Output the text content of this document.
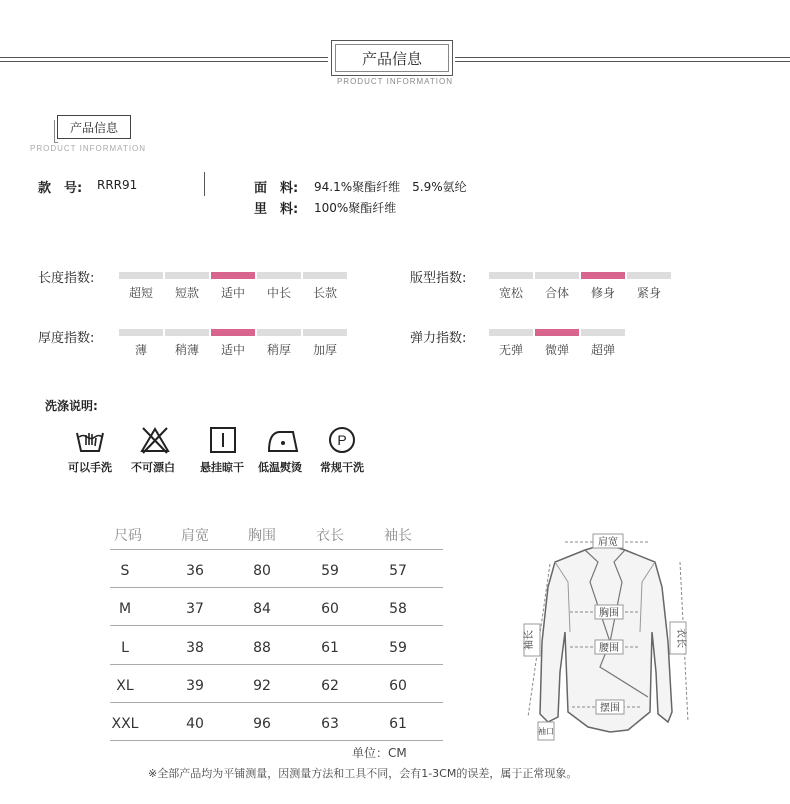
产品信息
PRODUCT INFORMATION
产品信息
PRODUCT INFORMATION
款　号: RRR91	面　料: 94.1%聚酯纤维　5.9%氨纶
里　料: 100%聚酯纤维
长度指数:
超短	短款	适中	中长	长款
版型指数:
宽松	合体	修身	紧身
厚度指数:
薄	稍薄	适中	稍厚	加厚
弹力指数:
无弹	微弹	超弹
洗涤说明:
P
可以手洗	不可漂白	悬挂晾干	低温熨烫	常规干洗
尺码	肩宽	胸围	衣长	袖长
S	36	80	59	57
M	37	84	60	58
L	38	88	61	59
XL	39	92	62	60
XXL	40	96	63	61
单位：CM
肩宽
胸围
腰围
摆围
衣长
袖长
袖口
※全部产品均为平铺测量，因测量方法和工具不同，会有1-3CM的误差，属于正常现象。
